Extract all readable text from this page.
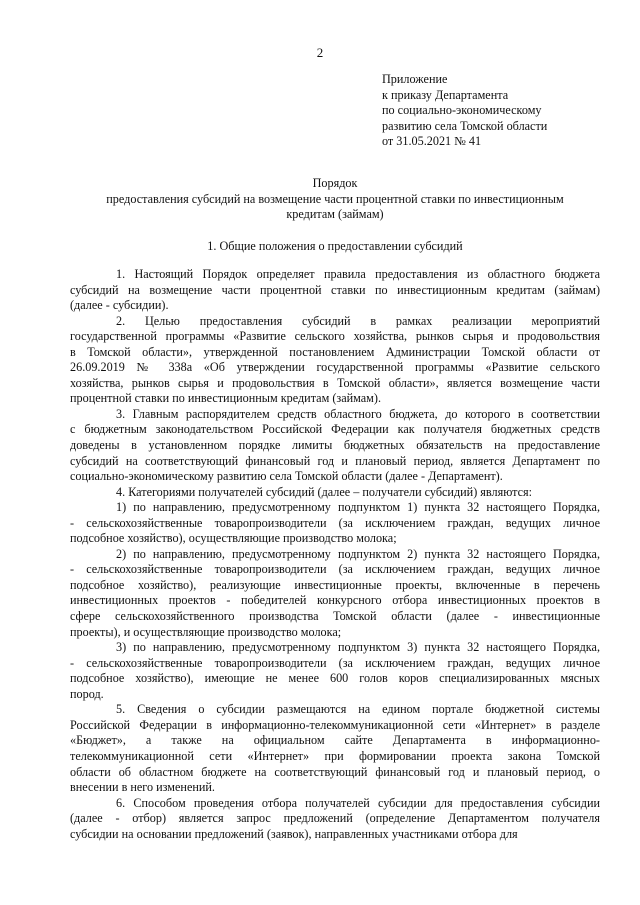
2
Приложение
к приказу Департамента
по социально-экономическому
развитию села Томской области
от 31.05.2021 № 41
Порядок
предоставления субсидий на возмещение части процентной ставки по инвестиционным
кредитам (займам)
1. Общие положения о предоставлении субсидий
1. Настоящий Порядок определяет правила предоставления из областного бюджета
субсидий на возмещение части процентной ставки по инвестиционным кредитам (займам)
(далее - субсидии).
2. Целью предоставления субсидий в рамках реализации мероприятий
государственной программы «Развитие сельского хозяйства, рынков сырья и продовольствия
в Томской области», утвержденной постановлением Администрации Томской области от
26.09.2019 № 338а «Об утверждении государственной программы «Развитие сельского
хозяйства, рынков сырья и продовольствия в Томской области», является возмещение части
процентной ставки по инвестиционным кредитам (займам).
3. Главным распорядителем средств областного бюджета, до которого в соответствии
с бюджетным законодательством Российской Федерации как получателя бюджетных средств
доведены в установленном порядке лимиты бюджетных обязательств на предоставление
субсидий на соответствующий финансовый год и плановый период, является Департамент по
социально-экономическому развитию села Томской области (далее - Департамент).
4. Категориями получателей субсидий (далее – получатели субсидий) являются:
1) по направлению, предусмотренному подпунктом 1) пункта 32 настоящего Порядка,
- сельскохозяйственные товаропроизводители (за исключением граждан, ведущих личное
подсобное хозяйство), осуществляющие производство молока;
2) по направлению, предусмотренному подпунктом 2) пункта 32 настоящего Порядка,
- сельскохозяйственные товаропроизводители (за исключением граждан, ведущих личное
подсобное хозяйство), реализующие инвестиционные проекты, включенные в перечень
инвестиционных проектов - победителей конкурсного отбора инвестиционных проектов в
сфере сельскохозяйственного производства Томской области (далее - инвестиционные
проекты), и осуществляющие производство молока;
3) по направлению, предусмотренному подпунктом 3) пункта 32 настоящего Порядка,
- сельскохозяйственные товаропроизводители (за исключением граждан, ведущих личное
подсобное хозяйство), имеющие не менее 600 голов коров специализированных мясных
пород.
5. Сведения о субсидии размещаются на едином портале бюджетной системы
Российской Федерации в информационно-телекоммуникационной сети «Интернет» в разделе
«Бюджет», а также на официальном сайте Департамента в информационно-
телекоммуникационной сети «Интернет» при формировании проекта закона Томской
области об областном бюджете на соответствующий финансовый год и плановый период, о
внесении в него изменений.
6. Способом проведения отбора получателей субсидии для предоставления субсидии
(далее - отбор) является запрос предложений (определение Департаментом получателя
субсидии на основании предложений (заявок), направленных участниками отбора для
